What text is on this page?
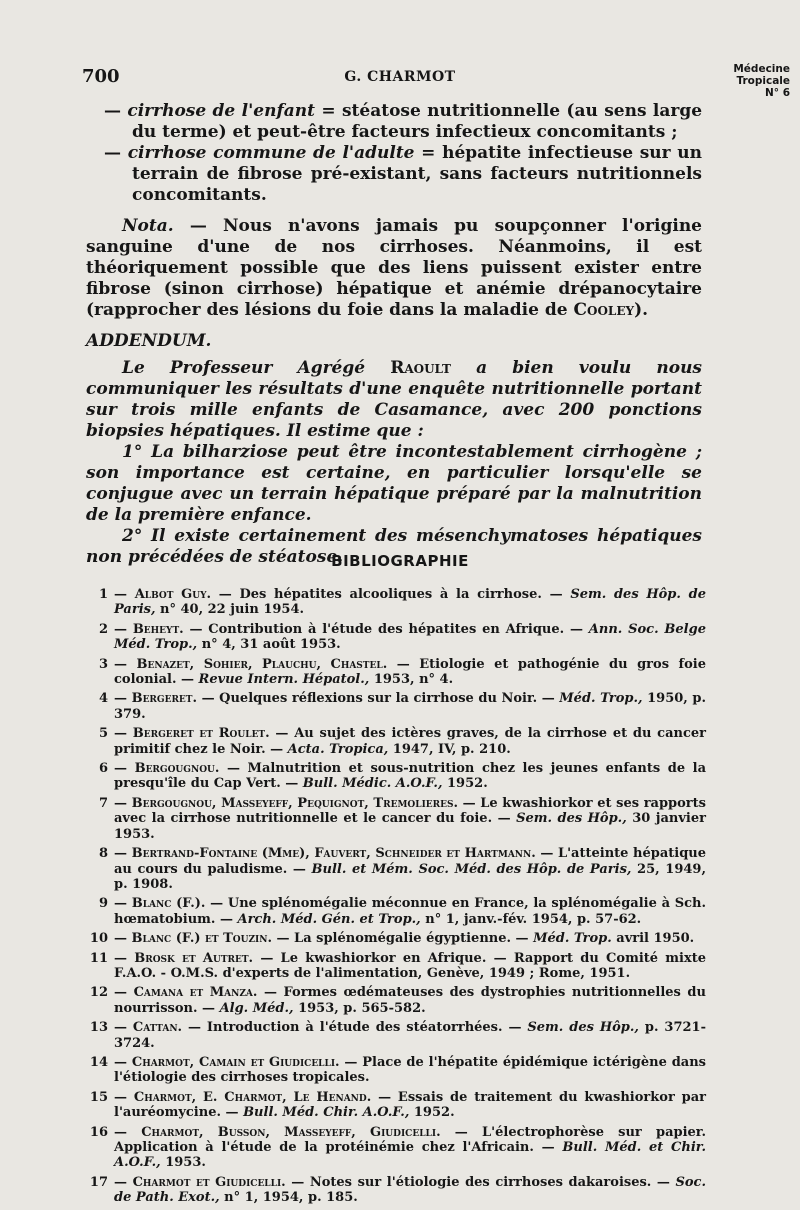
700	G. CHARMOT	Médecine
Tropicale
N° 6

— cirrhose de l'enfant = stéatose nutritionnelle (au sens large du terme) et peut-être facteurs infectieux concomitants ;

— cirrhose commune de l'adulte = hépatite infectieuse sur un terrain de fibrose pré-existant, sans facteurs nutritionnels concomitants.

Nota. — Nous n'avons jamais pu soupçonner l'origine sanguine d'une de nos cirrhoses. Néanmoins, il est théoriquement possible que des liens puissent exister entre fibrose (sinon cirrhose) hépatique et anémie drépanocytaire (rapprocher des lésions du foie dans la maladie de Cooley).

ADDENDUM.

Le Professeur Agrégé Raoult a bien voulu nous communiquer les résultats d'une enquête nutritionnelle portant sur trois mille enfants de Casamance, avec 200 ponctions biopsies hépatiques. Il estime que :

1° La bilharziose peut être incontestablement cirrhogène ; son importance est certaine, en particulier lorsqu'elle se conjugue avec un terrain hépatique préparé par la malnutrition de la première enfance.

2° Il existe certainement des mésenchymatoses hépatiques non précédées de stéatose.

BIBLIOGRAPHIE
1 — Albot Guy. — Des hépatites alcooliques à la cirrhose. — Sem. des Hôp. de Paris, n° 40, 22 juin 1954.
2 — Beheyt. — Contribution à l'étude des hépatites en Afrique. — Ann. Soc. Belge Méd. Trop., n° 4, 31 août 1953.
3 — Benazet, Sohier, Plauchu, Chastel. — Etiologie et pathogénie du gros foie colonial. — Revue Intern. Hépatol., 1953, n° 4.
4 — Bergeret. — Quelques réflexions sur la cirrhose du Noir. — Méd. Trop., 1950, p. 379.
5 — Bergeret et Roulet. — Au sujet des ictères graves, de la cirrhose et du cancer primitif chez le Noir. — Acta. Tropica, 1947, IV, p. 210.
6 — Bergougnou. — Malnutrition et sous-nutrition chez les jeunes enfants de la presqu'île du Cap Vert. — Bull. Médic. A.O.F., 1952.
7 — Bergougnou, Masseyeff, Pequignot, Tremolieres. — Le kwashiorkor et ses rapports avec la cirrhose nutritionnelle et le cancer du foie. — Sem. des Hôp., 30 janvier 1953.
8 — Bertrand-Fontaine (Mme), Fauvert, Schneider et Hartmann. — L'atteinte hépatique au cours du paludisme. — Bull. et Mém. Soc. Méd. des Hôp. de Paris, 25, 1949, p. 1908.
9 — Blanc (F.). — Une splénomégalie méconnue en France, la splénomégalie à Sch. hœmatobium. — Arch. Méd. Gén. et Trop., n° 1, janv.-fév. 1954, p. 57-62.
10 — Blanc (F.) et Touzin. — La splénomégalie égyptienne. — Méd. Trop. avril 1950.
11 — Brosk et Autret. — Le kwashiorkor en Afrique. — Rapport du Comité mixte F.A.O. - O.M.S. d'experts de l'alimentation, Genève, 1949 ; Rome, 1951.
12 — Camana et Manza. — Formes œdémateuses des dystrophies nutritionnelles du nourrisson. — Alg. Méd., 1953, p. 565-582.
13 — Cattan. — Introduction à l'étude des stéatorrhées. — Sem. des Hôp., p. 3721-3724.
14 — Charmot, Camain et Giudicelli. — Place de l'hépatite épidémique ictérigène dans l'étiologie des cirrhoses tropicales.
15 — Charmot, E. Charmot, Le Henand. — Essais de traitement du kwashiorkor par l'auréomycine. — Bull. Méd. Chir. A.O.F., 1952.
16 — Charmot, Busson, Masseyeff, Giudicelli. — L'électrophorèse sur papier. Application à l'étude de la protéinémie chez l'Africain. — Bull. Méd. et Chir. A.O.F., 1953.
17 — Charmot et Giudicelli. — Notes sur l'étiologie des cirrhoses dakaroises. — Soc. de Path. Exot., n° 1, 1954, p. 185.
